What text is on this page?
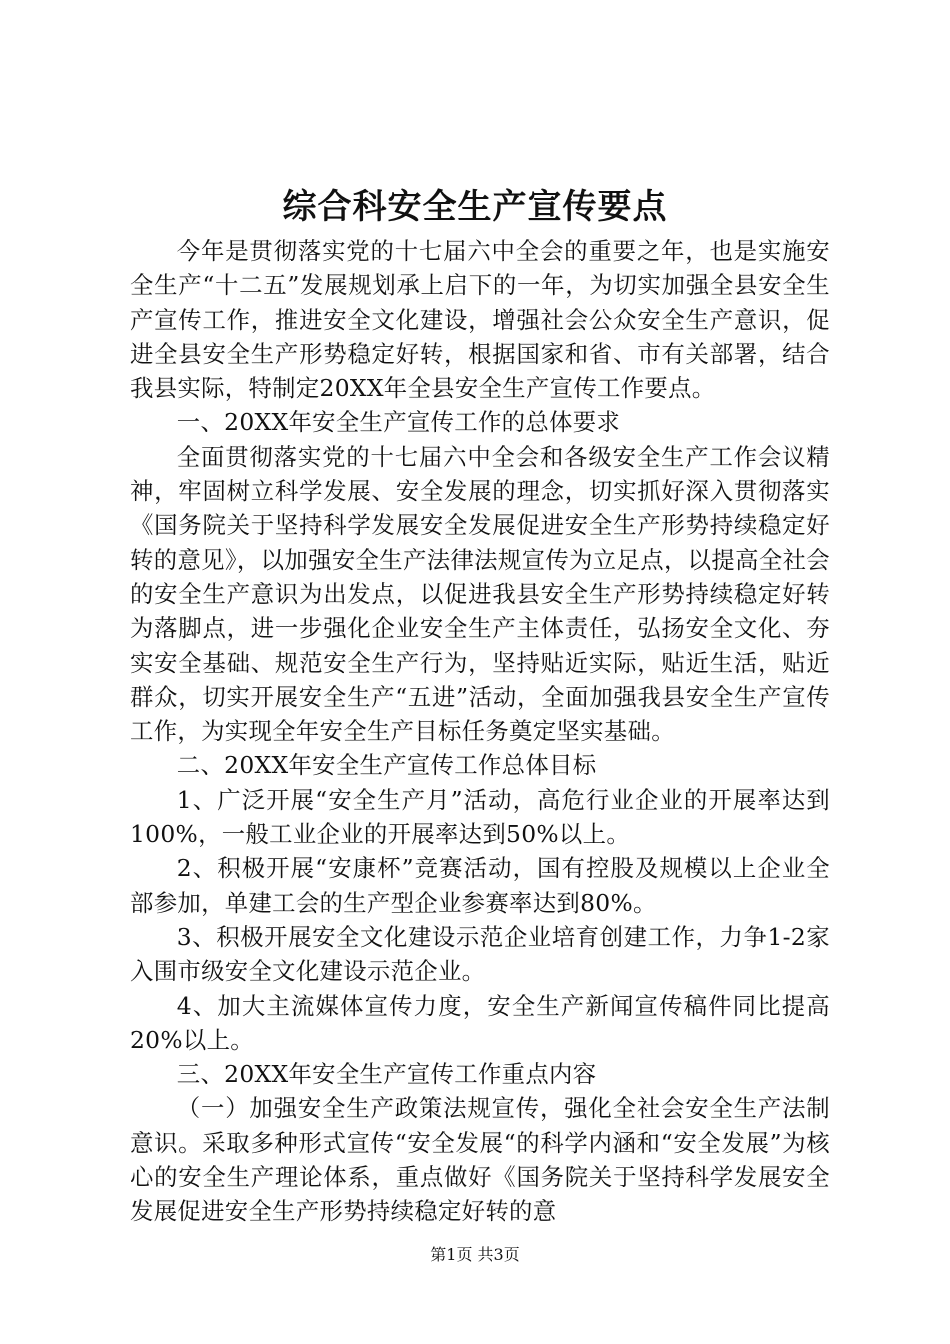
综合科安全生产宣传要点

今年是贯彻落实党的十七届六中全会的重要之年，也是实施安全生产“十二五”发展规划承上启下的一年，为切实加强全县安全生产宣传工作，推进安全文化建设，增强社会公众安全生产意识，促进全县安全生产形势稳定好转，根据国家和省、市有关部署，结合我县实际，特制定20XX年全县安全生产宣传工作要点。

一、20XX年安全生产宣传工作的总体要求

全面贯彻落实党的十七届六中全会和各级安全生产工作会议精神，牢固树立科学发展、安全发展的理念，切实抓好深入贯彻落实《国务院关于坚持科学发展安全发展促进安全生产形势持续稳定好转的意见》，以加强安全生产法律法规宣传为立足点，以提高全社会的安全生产意识为出发点，以促进我县安全生产形势持续稳定好转为落脚点，进一步强化企业安全生产主体责任，弘扬安全文化、夯实安全基础、规范安全生产行为，坚持贴近实际，贴近生活，贴近群众，切实开展安全生产“五进”活动，全面加强我县安全生产宣传工作，为实现全年安全生产目标任务奠定坚实基础。

二、20XX年安全生产宣传工作总体目标

1、广泛开展“安全生产月”活动，高危行业企业的开展率达到100%，一般工业企业的开展率达到50%以上。

2、积极开展“安康杯”竞赛活动，国有控股及规模以上企业全部参加，单建工会的生产型企业参赛率达到80%。

3、积极开展安全文化建设示范企业培育创建工作，力争1-2家入围市级安全文化建设示范企业。

4、加大主流媒体宣传力度，安全生产新闻宣传稿件同比提高20%以上。

三、20XX年安全生产宣传工作重点内容

（一）加强安全生产政策法规宣传，强化全社会安全生产法制意识。采取多种形式宣传“安全发展“的科学内涵和“安全发展”为核心的安全生产理论体系，重点做好《国务院关于坚持科学发展安全发展促进安全生产形势持续稳定好转的意

第1页 共3页
